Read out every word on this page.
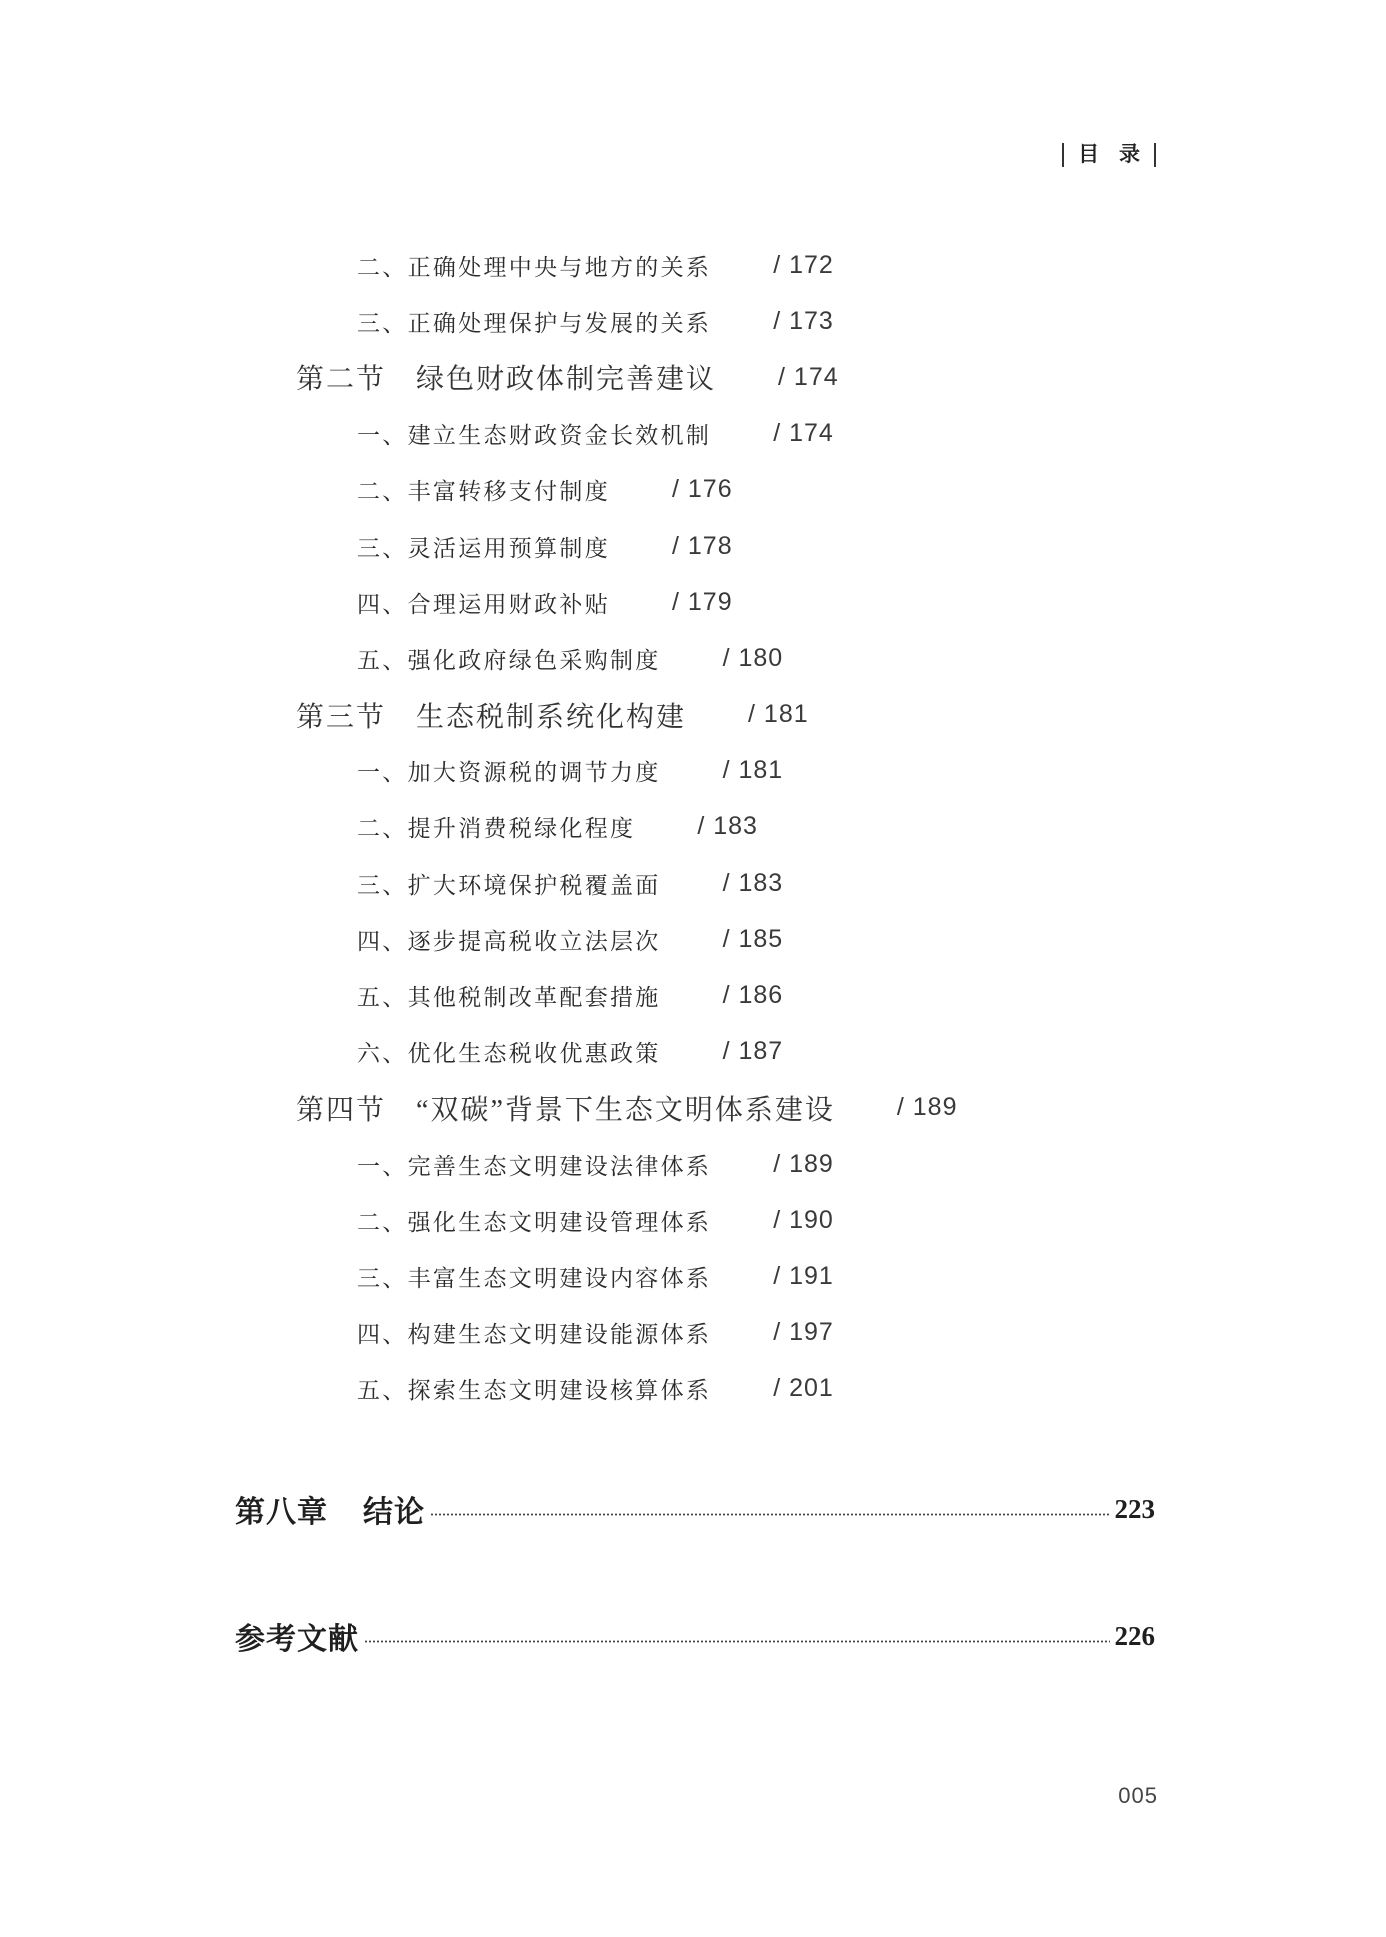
目 录
二、正确处理中央与地方的关系 / 172
三、正确处理保护与发展的关系 / 173
第二节 绿色财政体制完善建议 / 174
一、建立生态财政资金长效机制 / 174
二、丰富转移支付制度 / 176
三、灵活运用预算制度 / 178
四、合理运用财政补贴 / 179
五、强化政府绿色采购制度 / 180
第三节 生态税制系统化构建 / 181
一、加大资源税的调节力度 / 181
二、提升消费税绿化程度 / 183
三、扩大环境保护税覆盖面 / 183
四、逐步提高税收立法层次 / 185
五、其他税制改革配套措施 / 186
六、优化生态税收优惠政策 / 187
第四节 “双碳”背景下生态文明体系建设 / 189
一、完善生态文明建设法律体系 / 189
二、强化生态文明建设管理体系 / 190
三、丰富生态文明建设内容体系 / 191
四、构建生态文明建设能源体系 / 197
五、探索生态文明建设核算体系 / 201
第八章 结论	223
参考文献	226
005
